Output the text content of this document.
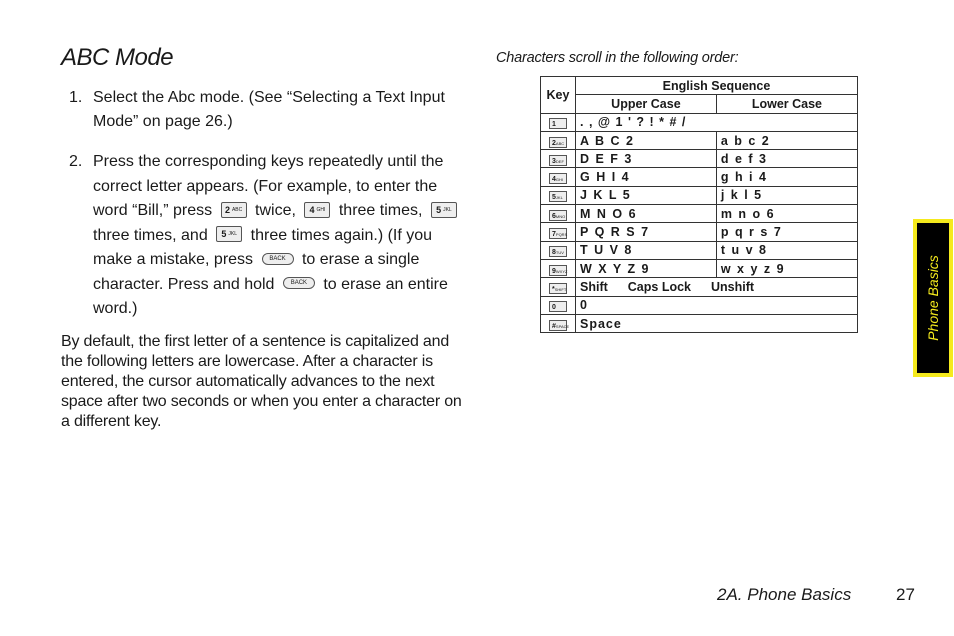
ABC Mode
1. Select the Abc mode. (See “Selecting a Text Input Mode” on page 26.)
2. Press the corresponding keys repeatedly until the correct letter appears. (For example, to enter the word “Bill,” press 2 $^{ABC}$ twice, 4 $^{GHI}$ three times, 5 $^{JKL}$ three times, and 5 $^{JKL}$ three times again.) (If you make a mistake, press	BACK to erase a single character. Press and hold	BACK to erase an entire word.)

By default, the first letter of a sentence is capitalized and the following letters are lowercase. After a character is entered, the cursor automatically advances to the next space after two seconds or when you enter a character on a different key.

Characters scroll in the following order:

Key	English Sequence	
	Upper Case	Lower Case
1	. , @ 1 ' ? ! * # /	
$2^{ABC}$	A B C 2	a b c 2
$3^{DEF}$	D E F 3	d e f 3
$4^{GHI}$	G H I 4	g h i 4
$5^{JKL}$	J K L 5	j k l 5
$6^{MNO}$	M N O 6	m n o 6
$7^{PQRS}$	P Q R S 7	p q r s 7
$8^{TUV}$	T U V 8	t u v 8
$9^{WXYZ}$	W X Y Z 9	w x y z 9
*$^{SHIFT}$	Shift Caps Lock Unshift	
0	0	
#$^{SPACE}$	Space		Phone Basics
2A. Phone Basics	27
